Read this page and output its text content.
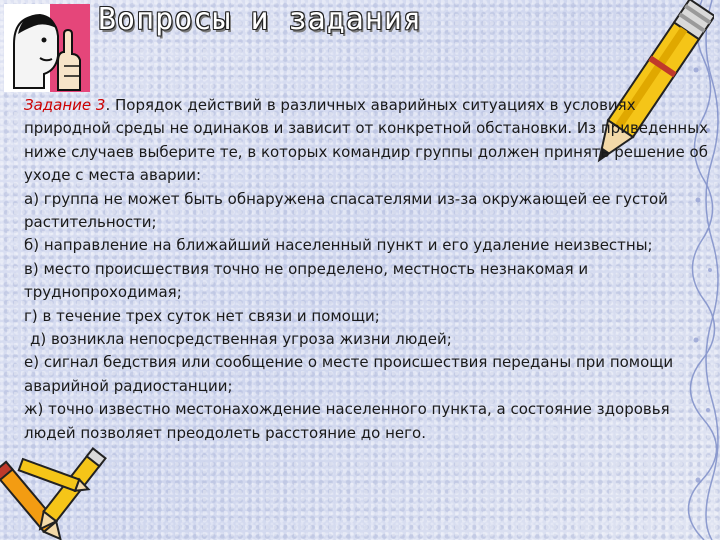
Вопросы и задания

Задание 3. Порядок действий в различных аварийных ситуациях в условиях природной среды не одинаков и зависит от конкретной обстановки. Из приведенных ниже случаев выберите те, в которых командир группы должен принять решение об уходе с места аварии:

а) группа не может быть обнаружена спасателями из-за окружающей ее густой растительности;

б) направление на ближайший населенный пункт и его удаление неизвестны;

в) место происшествия точно не определено, местность незнакомая и труднопроходимая;

г) в течение трех суток нет связи и помощи;

д) возникла непосредственная угроза жизни людей;

е) сигнал бедствия или сообщение о месте происшествия переданы при помощи аварийной радиостанции;

ж) точно известно местонахождение населенного пункта, а состояние здоровья людей позволяет преодолеть расстояние до него.
